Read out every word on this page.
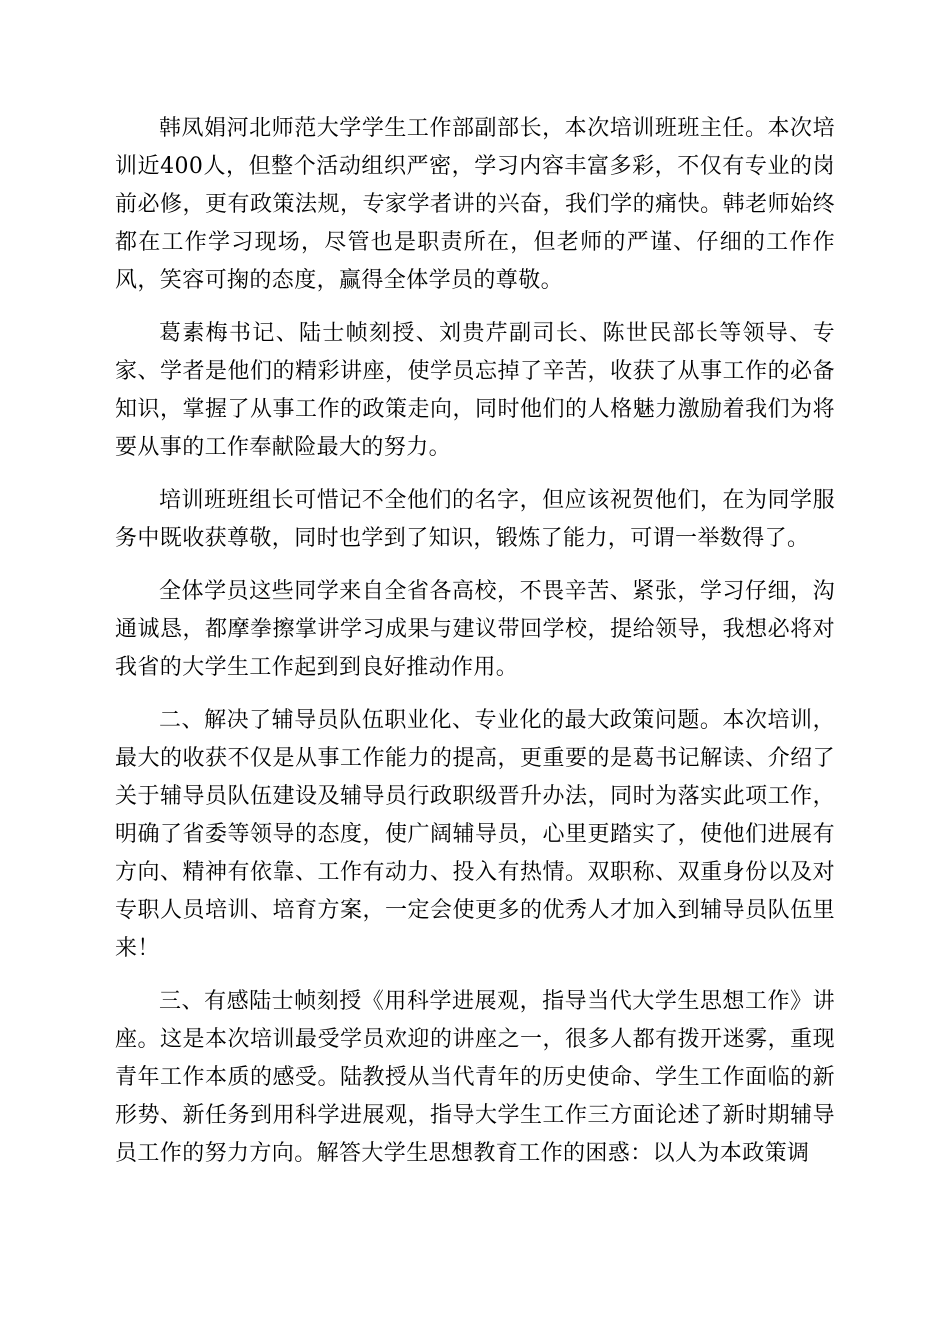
韩凤娟河北师范大学学生工作部副部长，本次培训班班主任。本次培训近400人，但整个活动组织严密，学习内容丰富多彩，不仅有专业的岗前必修，更有政策法规，专家学者讲的兴奋，我们学的痛快。韩老师始终都在工作学习现场，尽管也是职责所在，但老师的严谨、仔细的工作作风，笑容可掬的态度，赢得全体学员的尊敬。

葛素梅书记、陆士帧刻授、刘贵芹副司长、陈世民部长等领导、专家、学者是他们的精彩讲座，使学员忘掉了辛苦，收获了从事工作的必备知识，掌握了从事工作的政策走向，同时他们的人格魅力激励着我们为将要从事的工作奉献险最大的努力。

培训班班组长可惜记不全他们的名字，但应该祝贺他们，在为同学服务中既收获尊敬，同时也学到了知识，锻炼了能力，可谓一举数得了。

全体学员这些同学来自全省各高校，不畏辛苦、紧张，学习仔细，沟通诚恳，都摩拳擦掌讲学习成果与建议带回学校，提给领导，我想必将对我省的大学生工作起到到良好推动作用。

二、解决了辅导员队伍职业化、专业化的最大政策问题。本次培训，最大的收获不仅是从事工作能力的提高，更重要的是葛书记解读、介绍了关于辅导员队伍建设及辅导员行政职级晋升办法，同时为落实此项工作，明确了省委等领导的态度，使广阔辅导员，心里更踏实了，使他们进展有方向、精神有依靠、工作有动力、投入有热情。双职称、双重身份以及对专职人员培训、培育方案，一定会使更多的优秀人才加入到辅导员队伍里来！

三、有感陆士帧刻授《用科学进展观，指导当代大学生思想工作》讲座。这是本次培训最受学员欢迎的讲座之一，很多人都有拨开迷雾，重现青年工作本质的感受。陆教授从当代青年的历史使命、学生工作面临的新形势、新任务到用科学进展观，指导大学生工作三方面论述了新时期辅导员工作的努力方向。解答大学生思想教育工作的困惑：以人为本政策调
